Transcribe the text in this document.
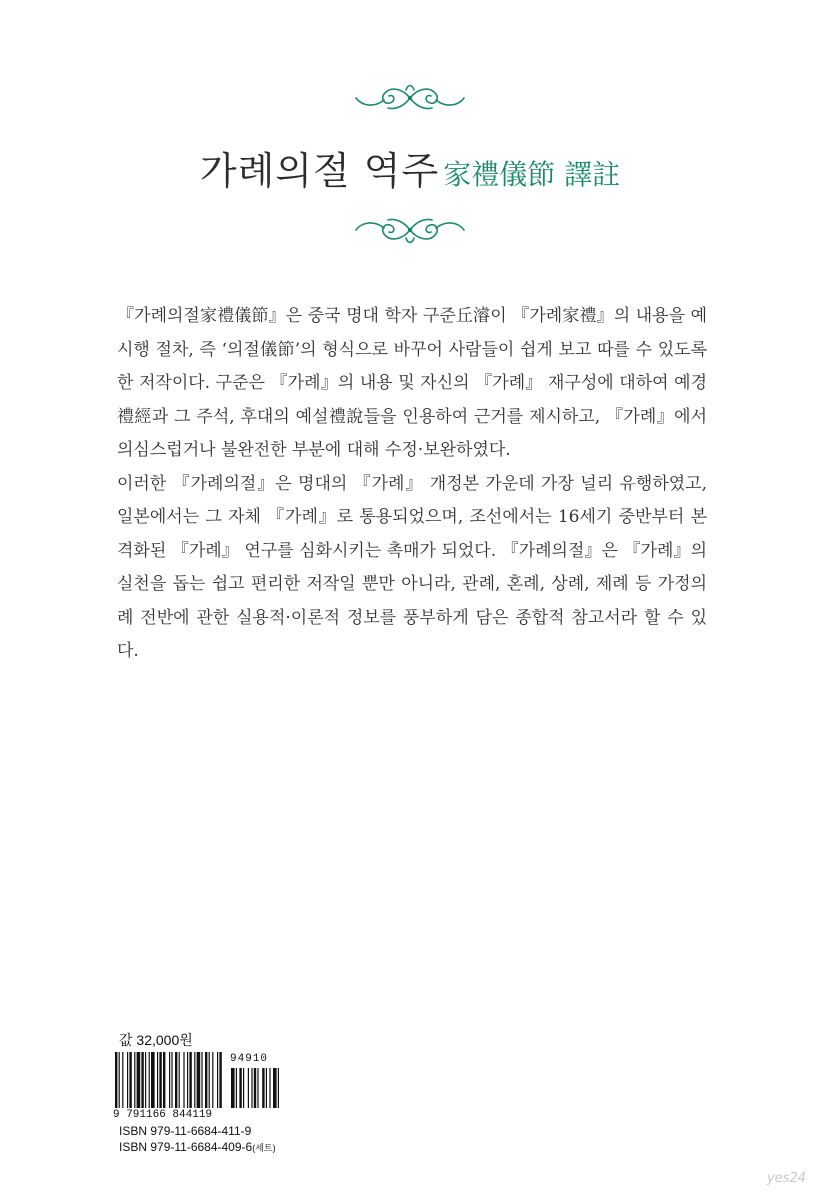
가례의절 역주 家禮儀節 譯註

『가례의절家禮儀節』은 중국 명대 학자 구준丘濬이 『가례家禮』의 내용을 예 시행 절차, 즉 ‘의절儀節’의 형식으로 바꾸어 사람들이 쉽게 보고 따를 수 있도록 한 저작이다. 구준은 『가례』의 내용 및 자신의 『가례』 재구성에 대하여 예경禮經과 그 주석, 후대의 예설禮說들을 인용하여 근거를 제시하고, 『가례』에서 의심스럽거나 불완전한 부분에 대해 수정·보완하였다.

이러한 『가례의절』은 명대의 『가례』 개정본 가운데 가장 널리 유행하였고, 일본에서는 그 자체 『가례』로 통용되었으며, 조선에서는 16세기 중반부터 본격화된 『가례』 연구를 심화시키는 촉매가 되었다. 『가례의절』은 『가례』의 실천을 돕는 쉽고 편리한 저작일 뿐만 아니라, 관례, 혼례, 상례, 제례 등 가정의례 전반에 관한 실용적·이론적 정보를 풍부하게 담은 종합적 참고서라 할 수 있다.

값 32,000원
94910
9 791166 844119
ISBN 979-11-6684-411-9
ISBN 979-11-6684-409-6(세트)
yes24
